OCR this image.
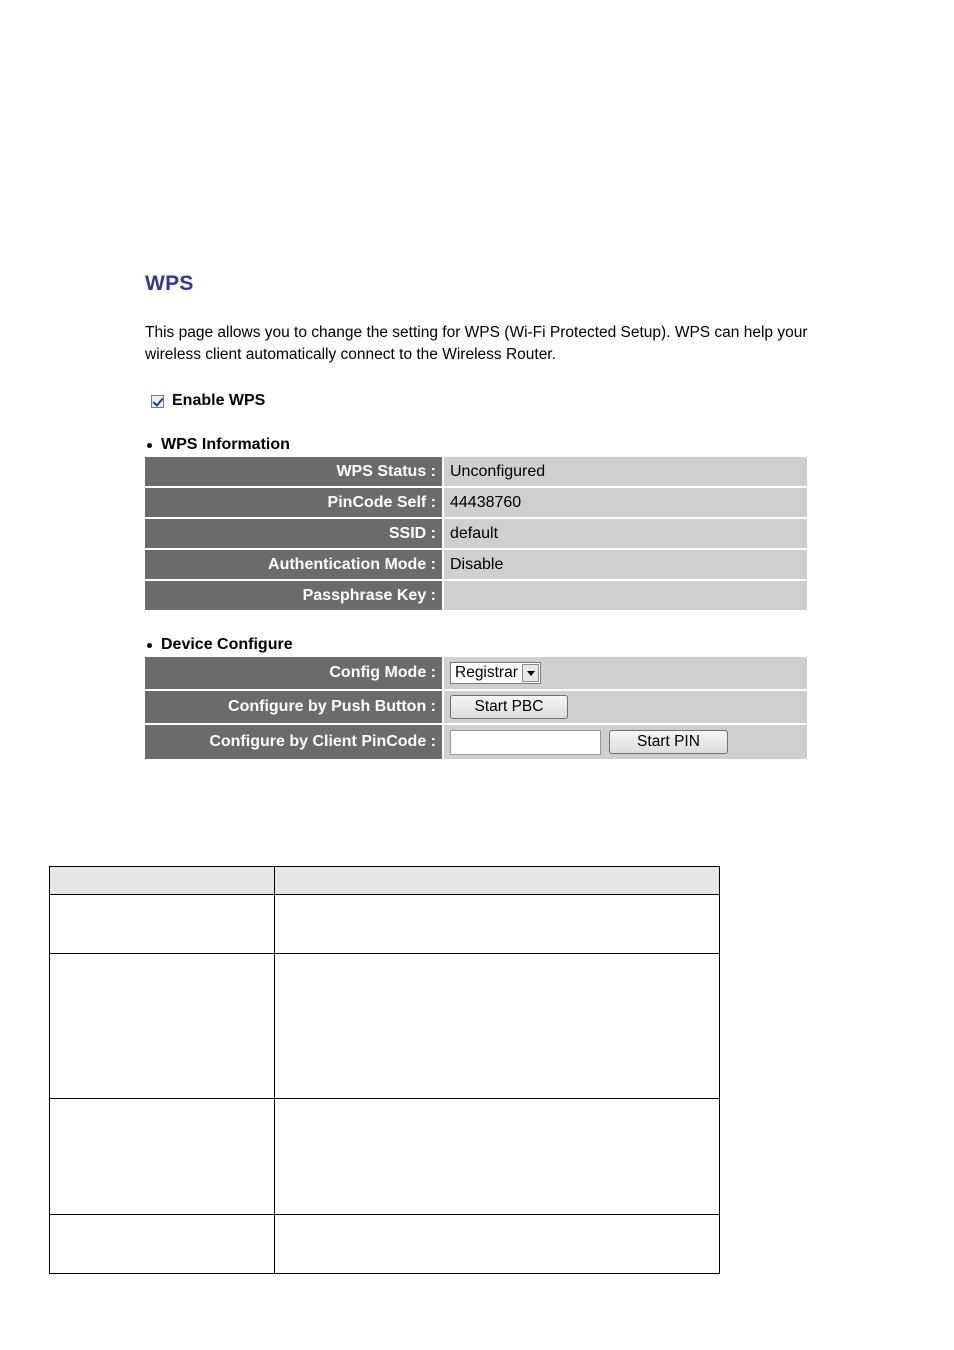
WPS
This page allows you to change the setting for WPS (Wi-Fi Protected Setup). WPS can help your wireless client automatically connect to the Wireless Router.
Enable WPS
WPS Information
WPS Status : Unconfigured
PinCode Self : 44438760
SSID : default
Authentication Mode : Disable
Passphrase Key :
Device Configure
Config Mode :	Registrar
Configure by Push Button :	Start PBC
Configure by Client PinCode :	Start PIN
